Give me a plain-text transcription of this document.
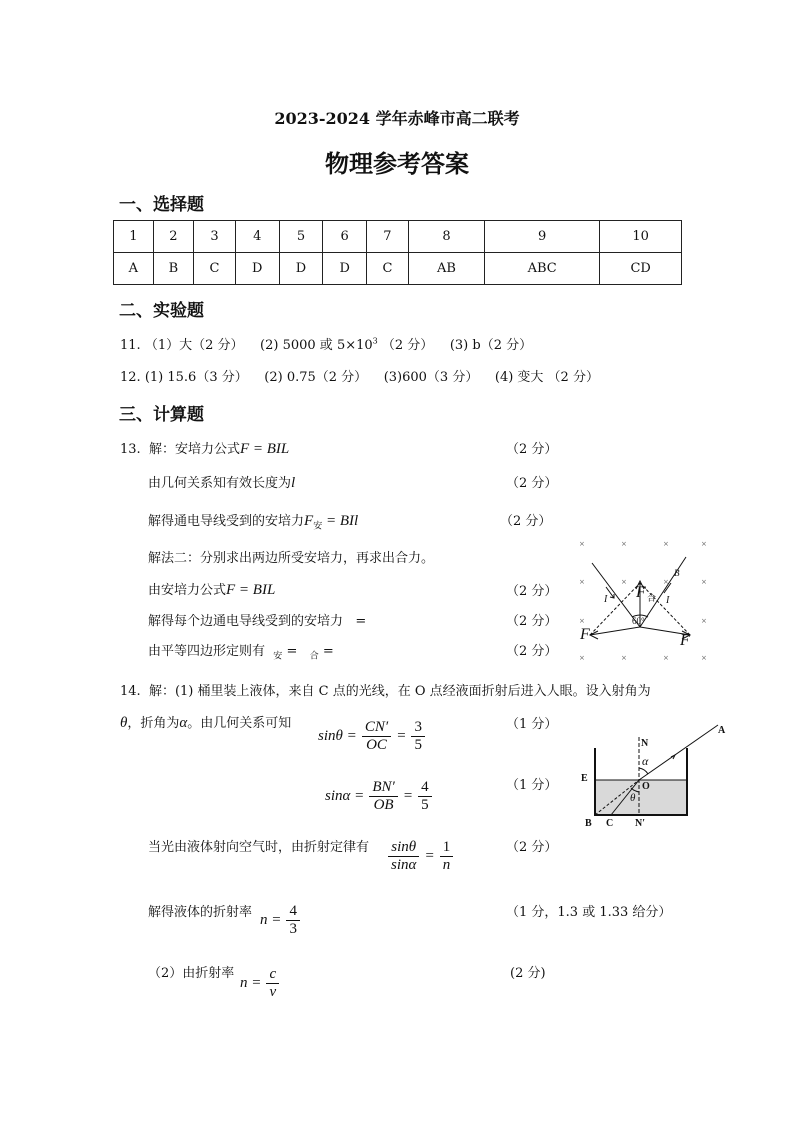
2023-2024 学年赤峰市高二联考
物理参考答案
一、选择题
1	2	3	4	5	6	7	8	9	10
A	B	C	D	D	D	C	AB	ABC	CD
二、实验题
11. （1）大（2 分） (2) 5000 或 $5\times 10^3$ （2 分） (3) b（2 分）
12. (1) 15.6（3 分） (2) 0.75（2 分） (3)600（3 分） (4) 变大 （2 分）
三、计算题
13. 解：安培力公式F = BIL	（2 分）
由几何关系知有效长度为l	（2 分）
解得通电导线受到的安培力$F_安$ = BIl	（2 分）
解法二：分别求出两边所受安培力，再求出合力。
由安培力公式F = BIL	（2 分）
解得每个边通电导线受到的安培力 =	（2 分）
由平等四边形定则有 $_安$ = $_合$ =	（2 分）
×	×	×	×
×	×	×	×
×	×
×	×	×	×
I	I
F 合
B
60°
F	F
14. 解：(1) 桶里装上液体，来自 C 点的光线，在 O 点经液面折射后进入人眼。设入射角为
θ，折角为α。由几何关系可知
$\sin\theta = \frac{CN'}{OC} = \frac{3}{5}$	（1 分）
$\sin\alpha = \frac{BN'}{OB} = \frac{4}{5}$	（1 分）
当光由液体射向空气时，由折射定律有 $\frac{\sin\theta}{\sin\alpha} = \frac{1}{n}$	（2 分）
解得液体的折射率 $n = \frac{4}{3}$	（1 分，1.3 或 1.33 给分）
（2）由折射率
$n = \frac{c}{v}$	(2 分)
A
N
α
E
O
θ
B C N′
